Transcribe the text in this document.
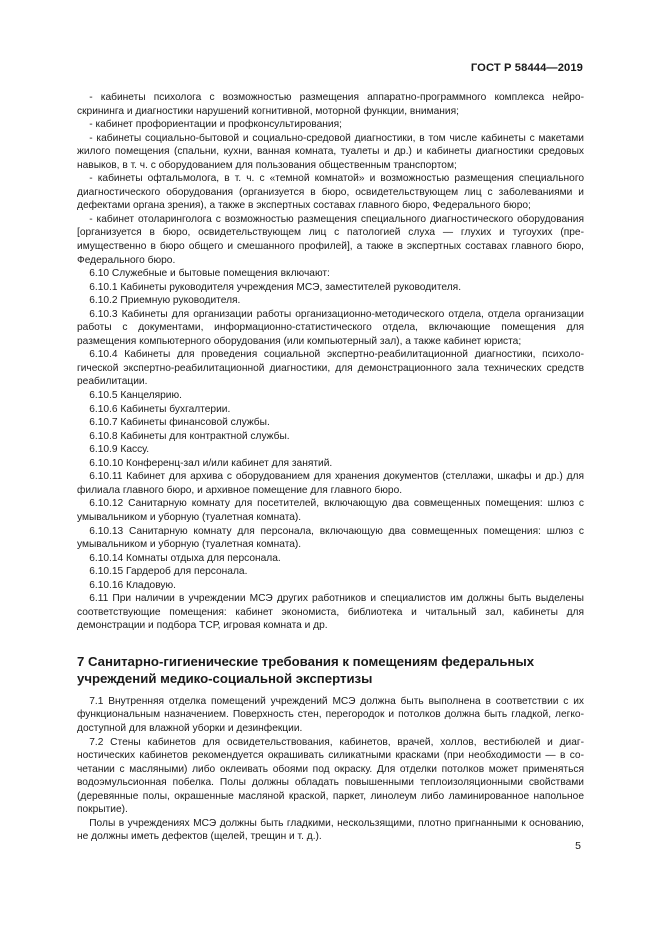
ГОСТ Р 58444—2019

- кабинеты психолога с возможностью размещения аппаратно-программного комплекса нейроскрининга и диагностики нарушений когнитивной, моторной функции, внимания;

- кабинет профориентации и профконсультирования;

- кабинеты социально-бытовой и социально-средовой диагностики, в том числе кабинеты с макетами жилого помещения (спальни, кухни, ванная комната, туалеты и др.) и кабинеты диагностики средовых навыков, в т. ч. с оборудованием для пользования общественным транспортом;

- кабинеты офтальмолога, в т. ч. с «темной комнатой» и возможностью размещения специального диагностического оборудования (организуется в бюро, освидетельствующем лиц с заболеваниями и дефектами органа зрения), а также в экспертных составах главного бюро, Федерального бюро;

- кабинет отоларинголога с возможностью размещения специального диагностического оборудования [организуется в бюро, освидетельствующем лиц с патологией слуха — глухих и тугоухих (преимущественно в бюро общего и смешанного профилей], а также в экспертных составах главного бюро, Федерального бюро.

6.10 Служебные и бытовые помещения включают:

6.10.1 Кабинеты руководителя учреждения МСЭ, заместителей руководителя.

6.10.2 Приемную руководителя.

6.10.3 Кабинеты для организации работы организационно-методического отдела, отдела организации работы с документами, информационно-статистического отдела, включающие помещения для размещения компьютерного оборудования (или компьютерный зал), а также кабинет юриста;

6.10.4 Кабинеты для проведения социальной экспертно-реабилитационной диагностики, психологической экспертно-реабилитационной диагностики, для демонстрационного зала технических средств реабилитации.

6.10.5 Канцелярию.

6.10.6 Кабинеты бухгалтерии.

6.10.7 Кабинеты финансовой службы.

6.10.8 Кабинеты для контрактной службы.

6.10.9 Кассу.

6.10.10 Конференц-зал и/или кабинет для занятий.

6.10.11 Кабинет для архива с оборудованием для хранения документов (стеллажи, шкафы и др.) для филиала главного бюро, и архивное помещение для главного бюро.

6.10.12 Санитарную комнату для посетителей, включающую два совмещенных помещения: шлюз с умывальником и уборную (туалетная комната).

6.10.13 Санитарную комнату для персонала, включающую два совмещенных помещения: шлюз с умывальником и уборную (туалетная комната).

6.10.14 Комнаты отдыха для персонала.

6.10.15 Гардероб для персонала.

6.10.16 Кладовую.

6.11 При наличии в учреждении МСЭ других работников и специалистов им должны быть выделены соответствующие помещения: кабинет экономиста, библиотека и читальный зал, кабинеты для демонстрации и подбора ТСР, игровая комната и др.

7 Санитарно-гигиенические требования к помещениям федеральных учреждений медико-социальной экспертизы

7.1 Внутренняя отделка помещений учреждений МСЭ должна быть выполнена в соответствии с их функциональным назначением. Поверхность стен, перегородок и потолков должна быть гладкой, легкодоступной для влажной уборки и дезинфекции.

7.2 Стены кабинетов для освидетельствования, кабинетов, врачей, холлов, вестибюлей и диагностических кабинетов рекомендуется окрашивать силикатными красками (при необходимости — в сочетании с масляными) либо оклеивать обоями под окраску. Для отделки потолков может применяться водоэмульсионная побелка. Полы должны обладать повышенными теплоизоляционными свойствами (деревянные полы, окрашенные масляной краской, паркет, линолеум либо ламинированное напольное покрытие).

Полы в учреждениях МСЭ должны быть гладкими, нескользящими, плотно пригнанными к основанию, не должны иметь дефектов (щелей, трещин и т. д.).

5
